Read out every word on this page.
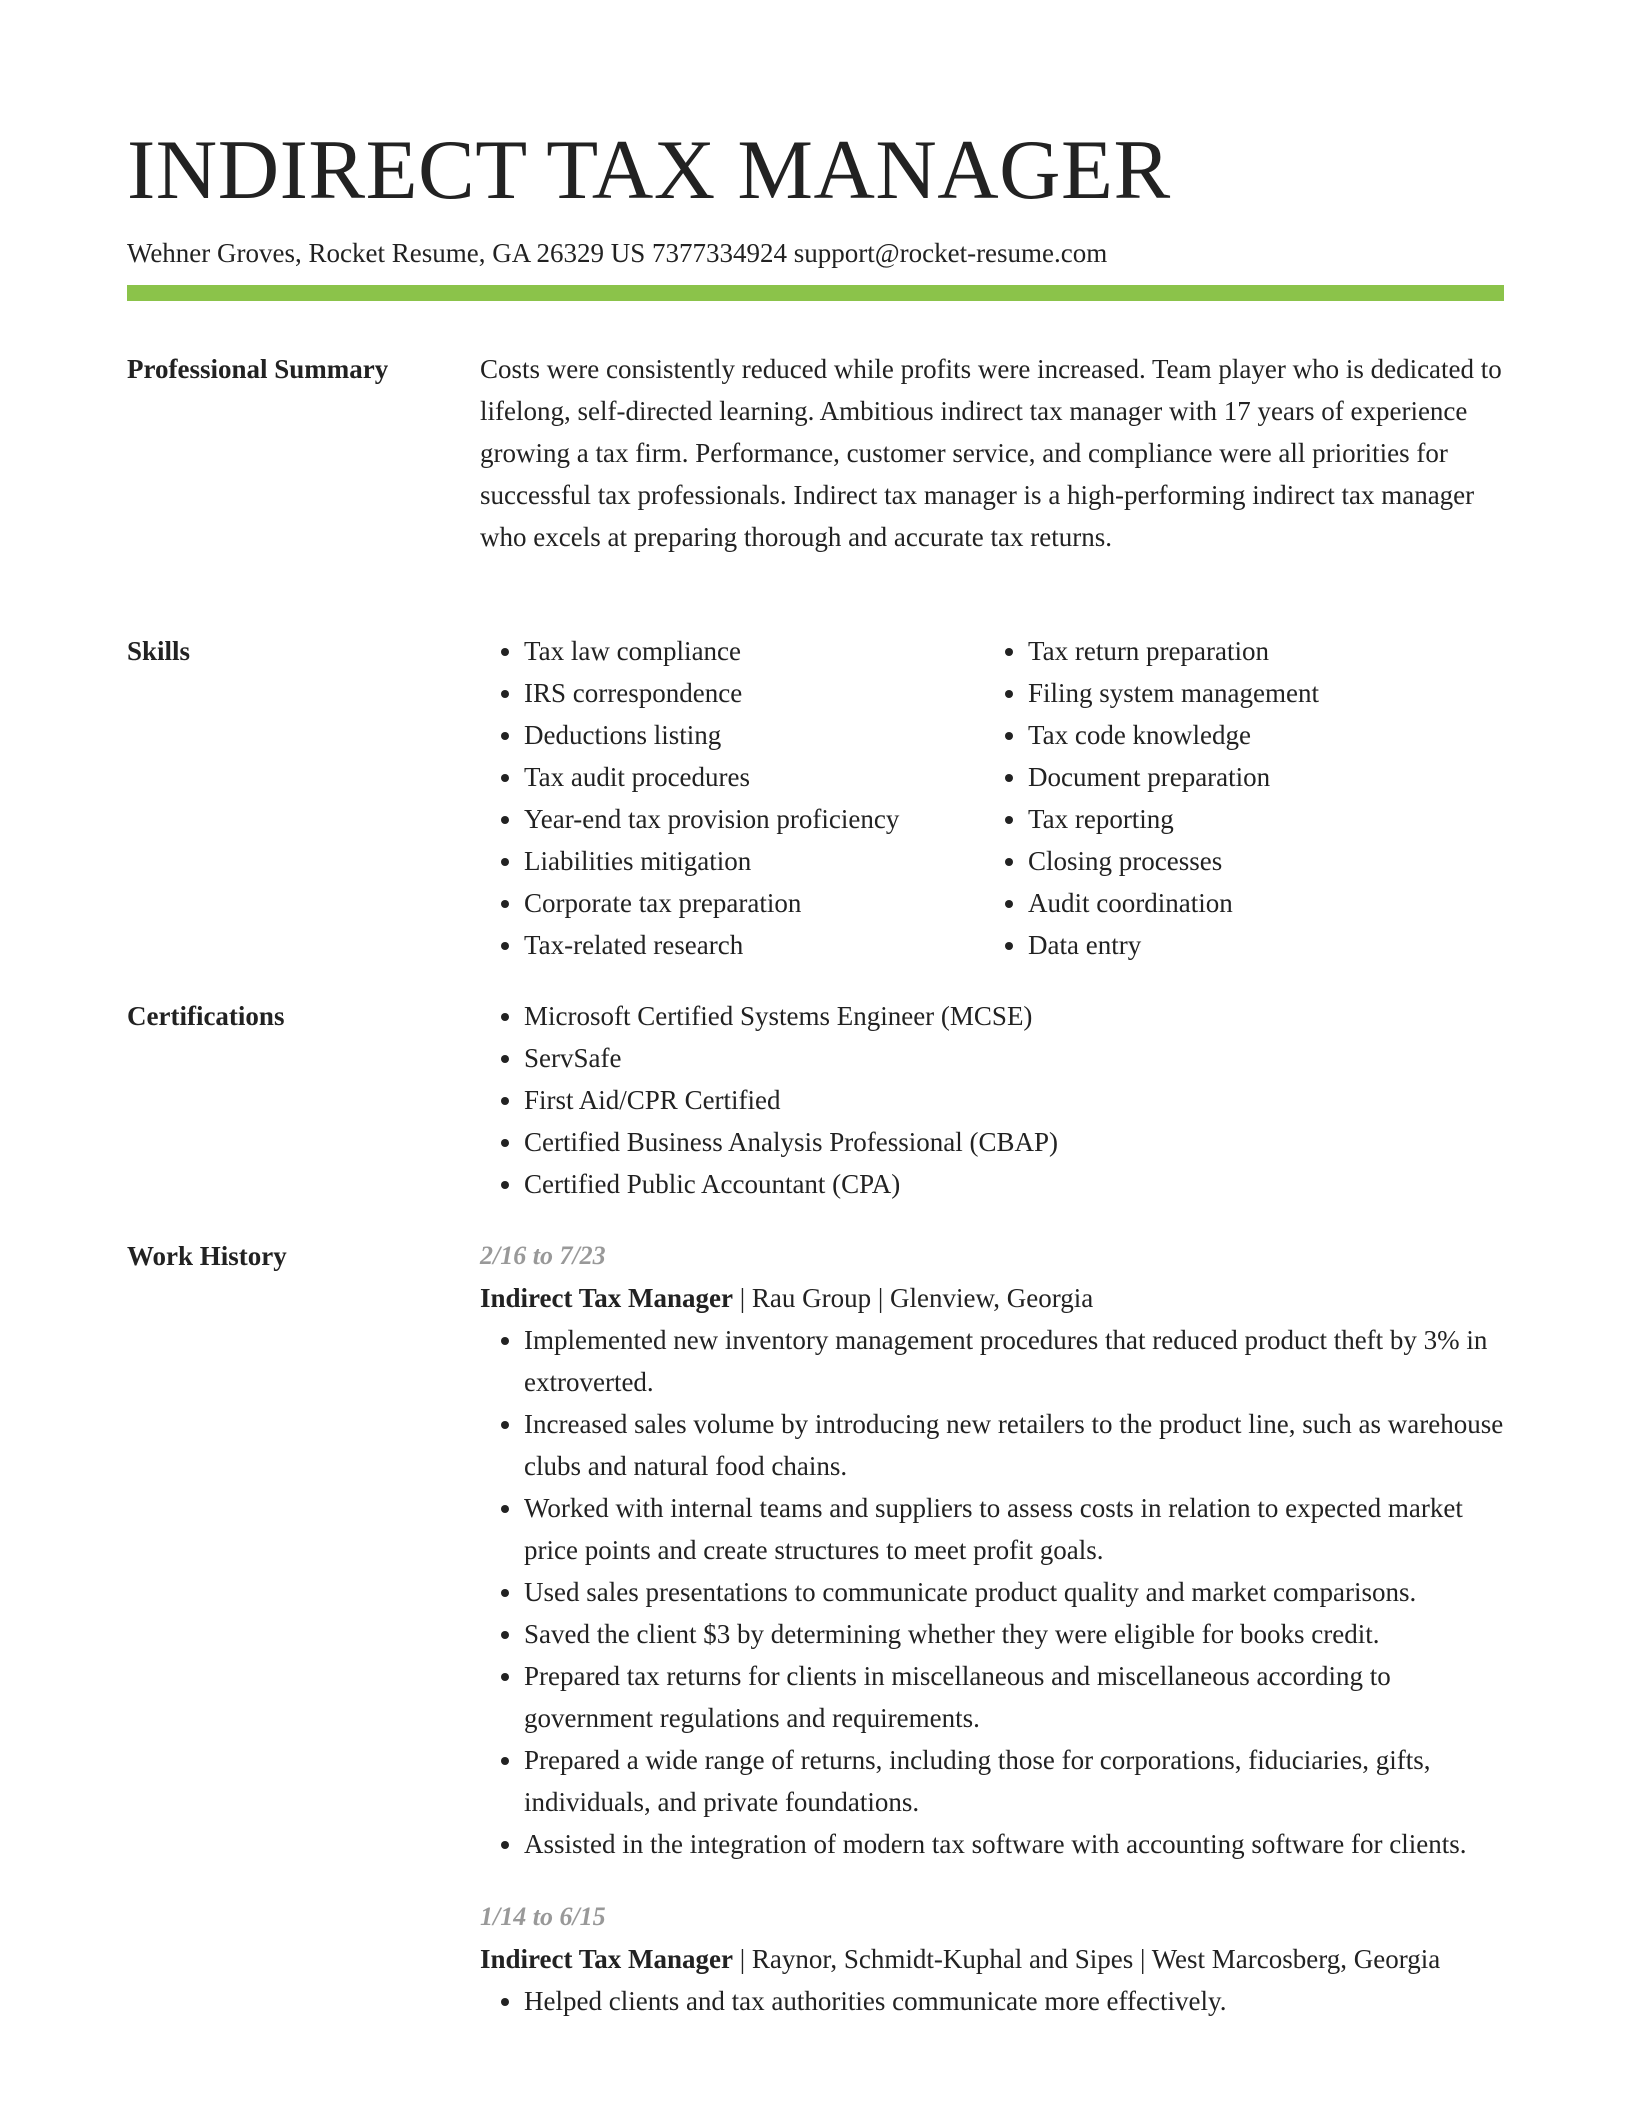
INDIRECT TAX MANAGER
Wehner Groves, Rocket Resume, GA 26329 US 7377334924 support@rocket-resume.com
Professional Summary	Costs were consistently reduced while profits were increased. Team player who is dedicated to lifelong, self-directed learning. Ambitious indirect tax manager with 17 years of experience growing a tax firm. Performance, customer service, and compliance were all priorities for successful tax professionals. Indirect tax manager is a high-performing indirect tax manager who excels at preparing thorough and accurate tax returns.

Skills	• Tax law compliance
• IRS correspondence
• Deductions listing
• Tax audit procedures
• Year-end tax provision proficiency
• Liabilities mitigation
• Corporate tax preparation
• Tax-related research
• Tax return preparation
• Filing system management
• Tax code knowledge
• Document preparation
• Tax reporting
• Closing processes
• Audit coordination
• Data entry
Certifications	• Microsoft Certified Systems Engineer (MCSE)
• ServSafe
• First Aid/CPR Certified
• Certified Business Analysis Professional (CBAP)
• Certified Public Accountant (CPA)
Work History	2/16 to 7/23
Indirect Tax Manager | Rau Group | Glenview, Georgia
• Implemented new inventory management procedures that reduced product theft by 3% in extroverted.
• Increased sales volume by introducing new retailers to the product line, such as warehouse clubs and natural food chains.
• Worked with internal teams and suppliers to assess costs in relation to expected market price points and create structures to meet profit goals.
• Used sales presentations to communicate product quality and market comparisons.
• Saved the client $3 by determining whether they were eligible for books credit.
• Prepared tax returns for clients in miscellaneous and miscellaneous according to government regulations and requirements.
• Prepared a wide range of returns, including those for corporations, fiduciaries, gifts, individuals, and private foundations.
• Assisted in the integration of modern tax software with accounting software for clients.
1/14 to 6/15
Indirect Tax Manager | Raynor, Schmidt-Kuphal and Sipes | West Marcosberg, Georgia
• Helped clients and tax authorities communicate more effectively.
